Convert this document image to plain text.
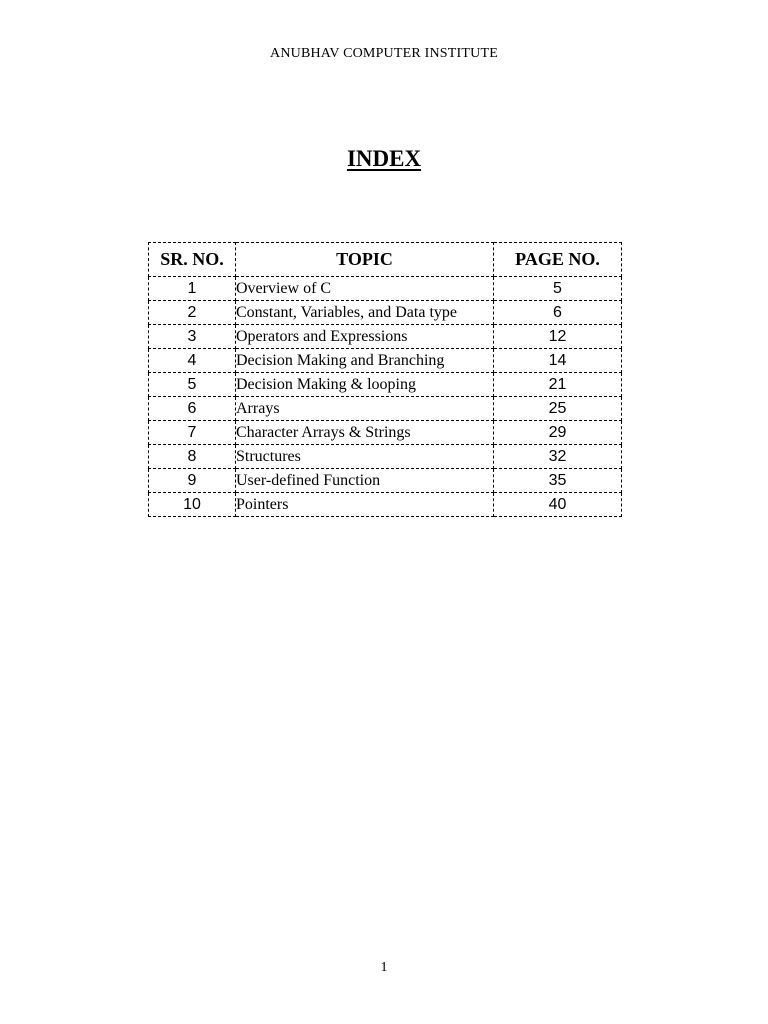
ANUBHAV COMPUTER INSTITUTE
INDEX
SR. NO.	TOPIC	PAGE NO.
1	Overview of C	5
2	Constant, Variables, and Data type	6
3	Operators and Expressions	12
4	Decision Making and Branching	14
5	Decision Making & looping	21
6	Arrays	25
7	Character Arrays & Strings	29
8	Structures	32
9	User-defined Function	35
10	Pointers	40
1
